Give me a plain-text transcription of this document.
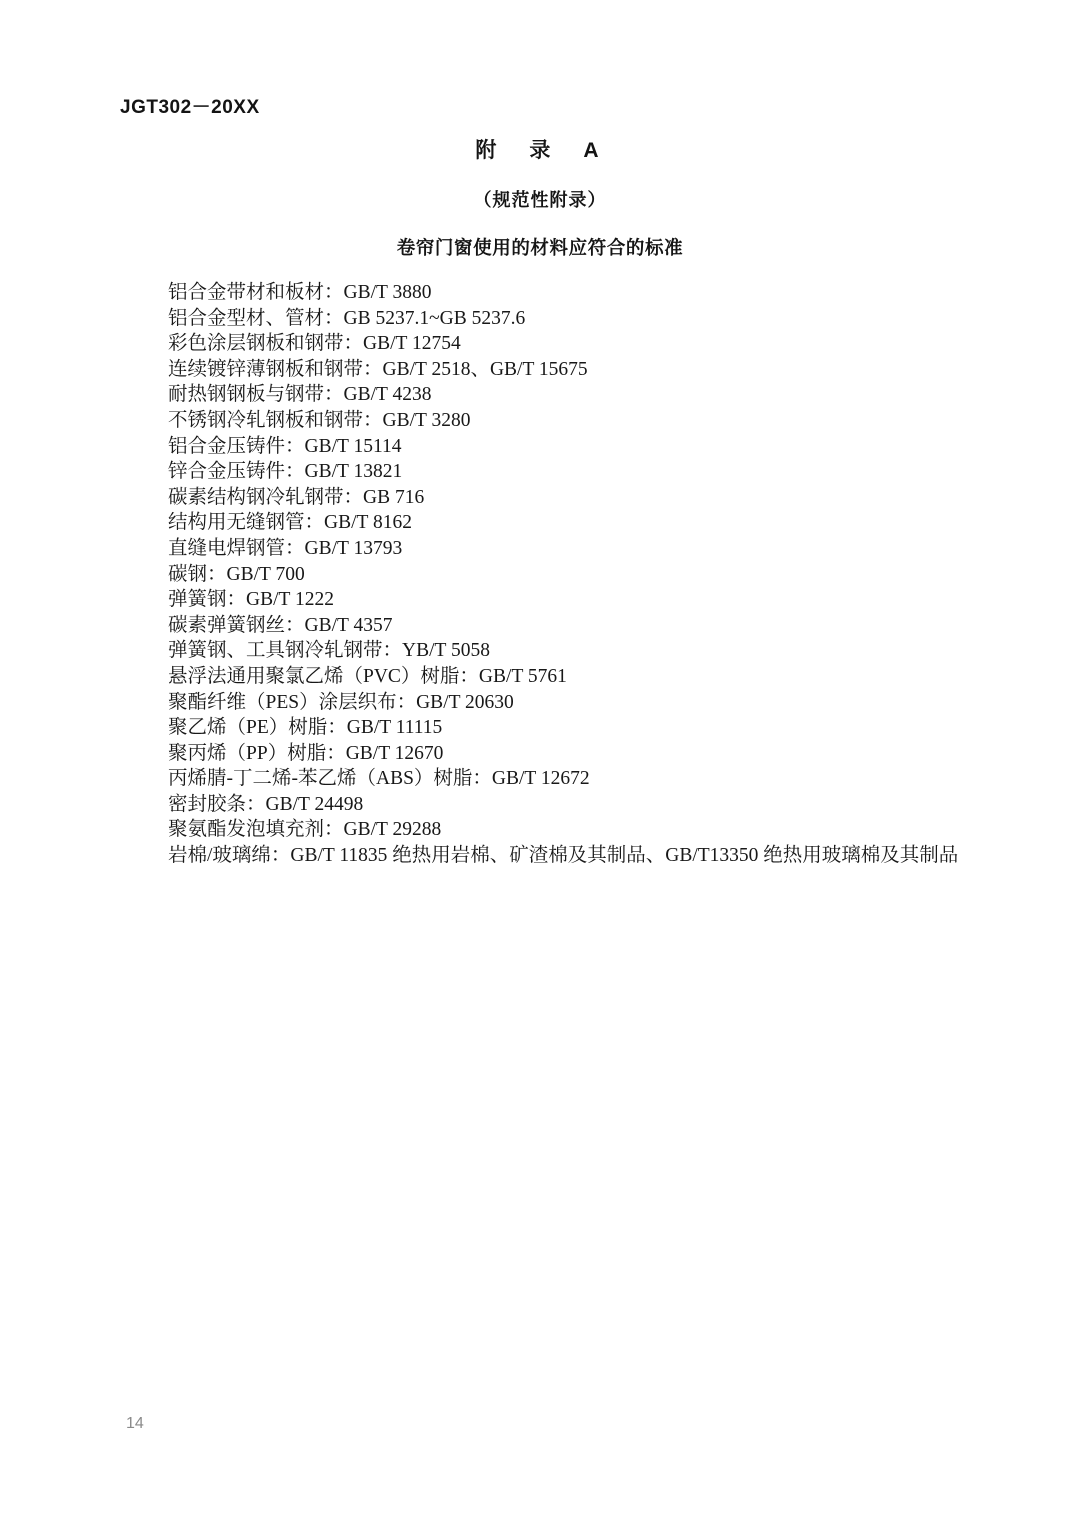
JGT302－20XX
附　录　A
（规范性附录）
卷帘门窗使用的材料应符合的标准
铝合金带材和板材：GB/T 3880
铝合金型材、管材：GB 5237.1~GB 5237.6
彩色涂层钢板和钢带：GB/T 12754
连续镀锌薄钢板和钢带：GB/T 2518、GB/T 15675
耐热钢钢板与钢带：GB/T 4238
不锈钢冷轧钢板和钢带：GB/T 3280
铝合金压铸件：GB/T 15114
锌合金压铸件：GB/T 13821
碳素结构钢冷轧钢带：GB 716
结构用无缝钢管：GB/T 8162
直缝电焊钢管：GB/T 13793
碳钢：GB/T 700
弹簧钢：GB/T 1222
碳素弹簧钢丝：GB/T 4357
弹簧钢、工具钢冷轧钢带：YB/T 5058
悬浮法通用聚氯乙烯（PVC）树脂：GB/T 5761
聚酯纤维（PES）涂层织布：GB/T 20630
聚乙烯（PE）树脂：GB/T 11115
聚丙烯（PP）树脂：GB/T 12670
丙烯腈-丁二烯-苯乙烯（ABS）树脂：GB/T 12672
密封胶条：GB/T 24498
聚氨酯发泡填充剂：GB/T 29288
岩棉/玻璃绵：GB/T 11835 绝热用岩棉、矿渣棉及其制品、GB/T13350 绝热用玻璃棉及其制品
14
